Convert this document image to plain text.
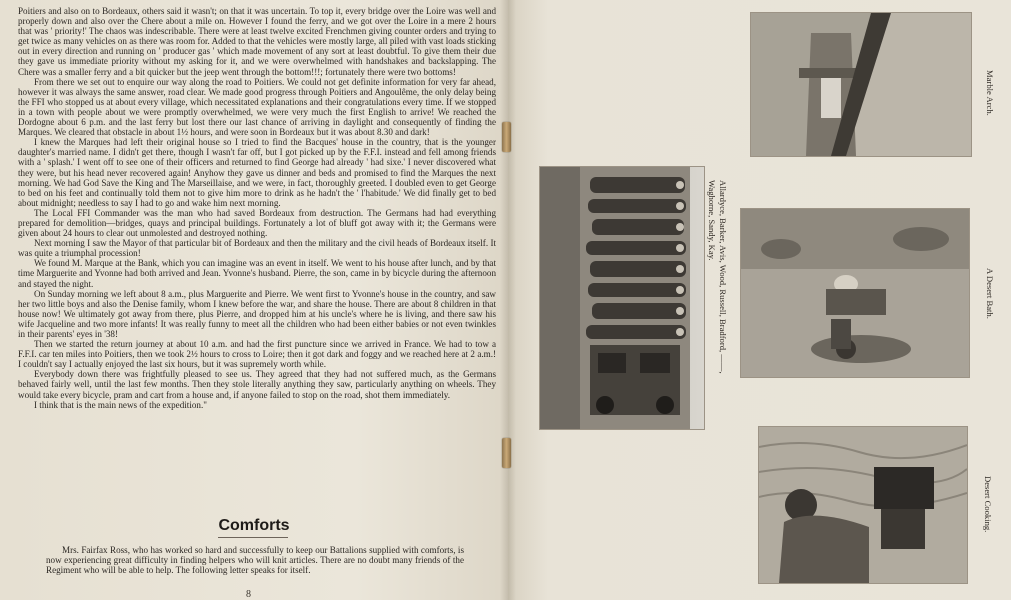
Poitiers and also on to Bordeaux, others said it wasn't; on that it was uncertain. To top it, every bridge over the Loire was well and properly down and also over the Chere about a mile on. However I found the ferry, and we got over the Loire in a mere 2 hours that was ' priority!' The chaos was indescribable. There were at least twelve excited Frenchmen giving counter orders and trying to get twice as many vehicles on as there was room for. Added to that the vehicles were mostly large, all piled with vast loads sticking out in every direction and running on ' producer gas ' which made movement of any sort at least doubtful. To give them their due they gave us immediate priority without my asking for it, and we were overwhelmed with handshakes and backslapping. The Chere was a smaller ferry and a bit quicker but the jeep went through the bottom!!!; fortunately there were two bottoms!

From there we set out to enquire our way along the road to Poitiers. We could not get definite information for very far ahead, however it was always the same answer, road clear. We made good progress through Poitiers and Angoulême, the only delay being the FFI who stopped us at about every village, which necessitated explanations and their congratulations every time. If we stopped in a town with people about we were promptly overwhelmed, we were very much the first English to arrive! We reached the Dordogne about 6 p.m. and the last ferry but lost there our last chance of arriving in daylight and consequently of finding the Marques. We cleared that obstacle in about 1½ hours, and were soon in Bordeaux but it was about 8.30 and dark!

I knew the Marques had left their original house so I tried to find the Bacques' house in the country, that is the younger daughter's married name. I didn't get there, though I wasn't far off, but I got picked up by the F.F.I. instead and fell among friends with a ' splash.' I went off to see one of their officers and returned to find George had already ' had sixe.' I never discovered what they were, but his head never recovered again! Anyhow they gave us dinner and beds and promised to find the Marques the next morning. We had God Save the King and The Marseillaise, and we were, in fact, thoroughly greeted. I doubled even to get George to bed on his feet and continually told them not to give him more to drink as he hadn't the ' l'habitude.' We did finally get to bed about midnight; needless to say I had to go and wake him next morning.

The Local FFI Commander was the man who had saved Bordeaux from destruction. The Germans had had everything prepared for demolition—bridges, quays and principal buildings. Fortunately a lot of bluff got away with it; the Germans were given about 24 hours to clear out unmolested and destroyed nothing.

Next morning I saw the Mayor of that particular bit of Bordeaux and then the military and the civil heads of Bordeaux itself. It was quite a triumphal procession!

We found M. Marque at the Bank, which you can imagine was an event in itself. We went to his house after lunch, and by that time Marguerite and Yvonne had both arrived and Jean. Yvonne's husband. Pierre, the son, came in by bicycle during the afternoon and stayed the night.

On Sunday morning we left about 8 a.m., plus Marguerite and Pierre. We went first to Yvonne's house in the country, and saw her two little boys and also the Denise family, whom I knew before the war, and share the house. There are about 8 children in that house now! We ultimately got away from there, plus Pierre, and dropped him at his uncle's where he is living, and there saw his wife Jacqueline and two more infants! It was really funny to meet all the children who had been either babies or not even twinkles in their parents' eyes in '38!

Then we started the return journey at about 10 a.m. and had the first puncture since we arrived in France. We had to tow a F.F.I. car ten miles into Poitiers, then we took 2½ hours to cross to Loire; then it got dark and foggy and we reached here at 2 a.m.! I couldn't say I actually enjoyed the last six hours, but it was supremely worth while.

Everybody down there was frightfully pleased to see us. They agreed that they had not suffered much, as the Germans behaved fairly well, until the last few months. Then they stole literally anything they saw, particularly anything on wheels. They would take every bicycle, pram and cart from a house and, if anyone failed to stop on the road, shot them immediately.

I think that is the main news of the expedition."

Comforts

Mrs. Fairfax Ross, who has worked so hard and successfully to keep our Battalions supplied with comforts, is now experiencing great difficulty in finding helpers who will knit articles. There are no doubt many friends of the Regiment who will be able to help. The following letter speaks for itself.

8
Allardyce, Barker, Avis, Wood, Russell, Bradford, ——,
Waghorne, Sandy, Kay.
Marble Arch.
A Desert Bath.
Desert Cooking.
